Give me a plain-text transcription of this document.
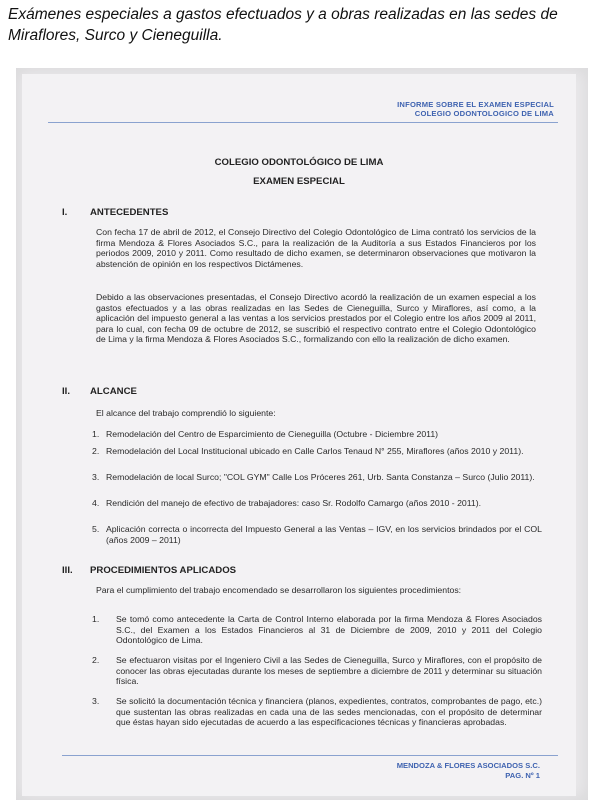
Exámenes especiales a gastos efectuados y a obras realizadas en las sedes de Miraflores, Surco y Cieneguilla.
INFORME SOBRE EL EXAMEN ESPECIAL
COLEGIO ODONTOLOGICO DE LIMA
COLEGIO ODONTOLÓGICO DE LIMA
EXAMEN ESPECIAL
I. ANTECEDENTES
Con fecha 17 de abril de 2012, el Consejo Directivo del Colegio Odontológico de Lima contrató los servicios de la firma Mendoza & Flores Asociados S.C., para la realización de la Auditoría a sus Estados Financieros por los periodos 2009, 2010 y 2011. Como resultado de dicho examen, se determinaron observaciones que motivaron la abstención de opinión en los respectivos Dictámenes.
Debido a las observaciones presentadas, el Consejo Directivo acordó la realización de un examen especial a los gastos efectuados y a las obras realizadas en las Sedes de Cieneguilla, Surco y Miraflores, así como, a la aplicación del impuesto general a las ventas a los servicios prestados por el Colegio entre los años 2009 al 2011, para lo cual, con fecha 09 de octubre de 2012, se suscribió el respectivo contrato entre el Colegio Odontológico de Lima y la firma Mendoza & Flores Asociados S.C., formalizando con ello la realización de dicho examen.
II. ALCANCE
El alcance del trabajo comprendió lo siguiente:
1. Remodelación del Centro de Esparcimiento de Cieneguilla (Octubre - Diciembre 2011)
2. Remodelación del Local Institucional ubicado en Calle Carlos Tenaud N° 255, Miraflores (años 2010 y 2011).
3. Remodelación de local Surco; "COL GYM" Calle Los Próceres 261, Urb. Santa Constanza – Surco (Julio 2011).
4. Rendición del manejo de efectivo de trabajadores: caso Sr. Rodolfo Camargo (años 2010 - 2011).
5. Aplicación correcta o incorrecta del Impuesto General a las Ventas – IGV, en los servicios brindados por el COL (años 2009 – 2011)
III. PROCEDIMIENTOS APLICADOS
Para el cumplimiento del trabajo encomendado se desarrollaron los siguientes procedimientos:
1. Se tomó como antecedente la Carta de Control Interno elaborada por la firma Mendoza & Flores Asociados S.C., del Examen a los Estados Financieros al 31 de Diciembre de 2009, 2010 y 2011 del Colegio Odontológico de Lima.
2. Se efectuaron visitas por el Ingeniero Civil a las Sedes de Cieneguilla, Surco y Miraflores, con el propósito de conocer las obras ejecutadas durante los meses de septiembre a diciembre de 2011 y determinar su situación física.
3. Se solicitó la documentación técnica y financiera (planos, expedientes, contratos, comprobantes de pago, etc.) que sustentan las obras realizadas en cada una de las sedes mencionadas, con el propósito de determinar que éstas hayan sido ejecutadas de acuerdo a las especificaciones técnicas y financieras aprobadas.
MENDOZA & FLORES ASOCIADOS S.C.
PAG. Nº 1
